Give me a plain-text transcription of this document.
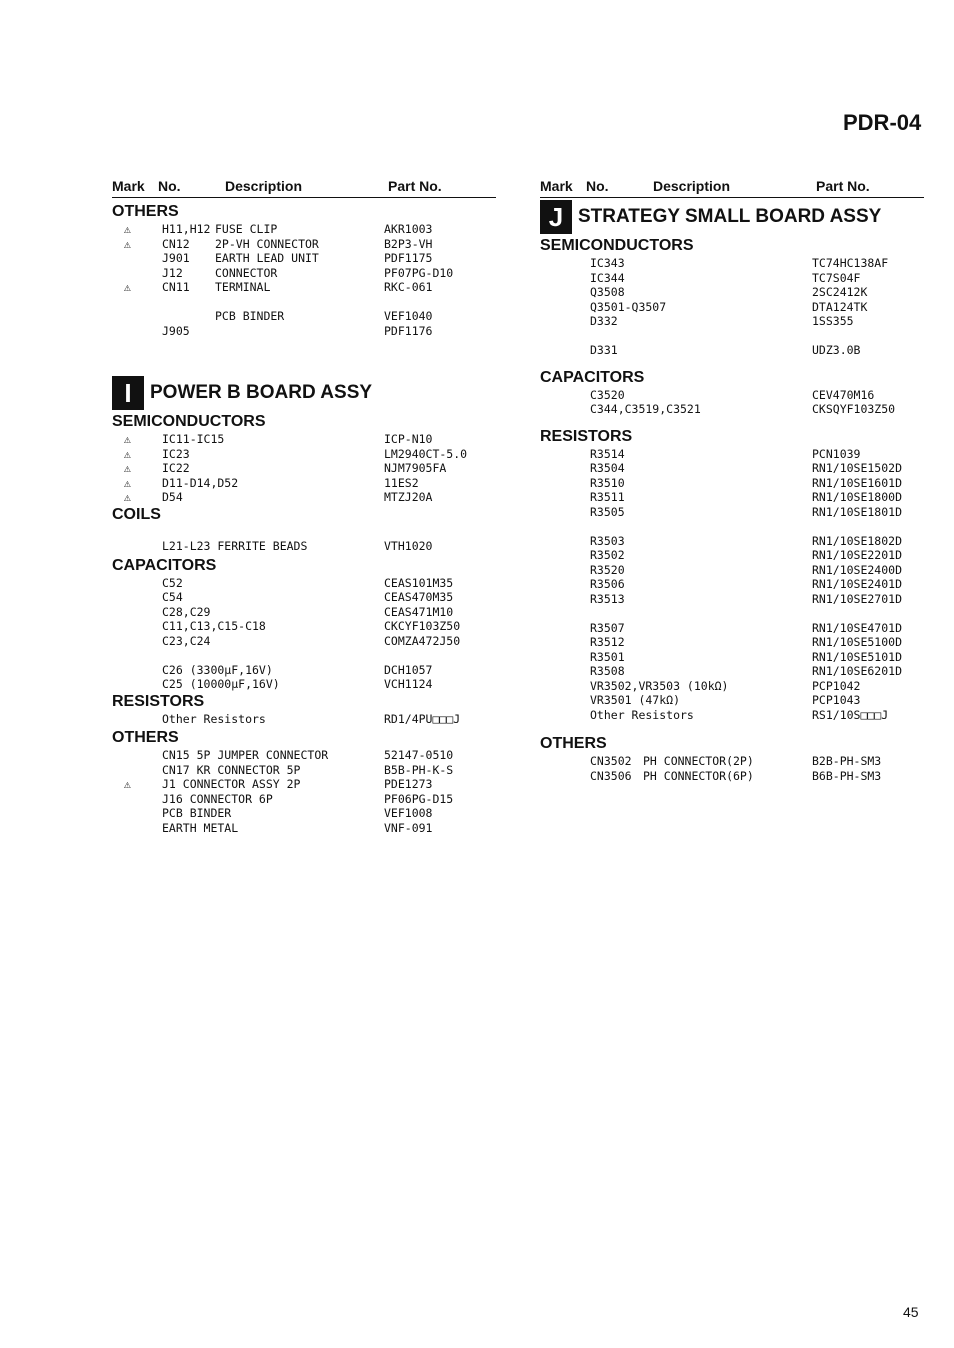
PDR-04
Mark No.	Description	Part No.
OTHERS
⚠	H11,H12 FUSE CLIP	AKR1003
⚠	CN12 2P-VH CONNECTOR	B2P3-VH
J901 EARTH LEAD UNIT	PDF1175
J12	CONNECTOR	PF07PG-D10
⚠	CN11 TERMINAL	RKC-061
PCB BINDER	VEF1040
J905	PDF1176
I POWER B BOARD ASSY
SEMICONDUCTORS
⚠	IC11-IC15	ICP-N10
⚠	IC23	LM2940CT-5.0
⚠	IC22	NJM7905FA
⚠	D11-D14,D52	11ES2
⚠	D54	MTZJ20A
COILS
L21-L23 FERRITE BEADS	VTH1020
CAPACITORS
C52	CEAS101M35
C54	CEAS470M35
C28,C29	CEAS471M10
C11,C13,C15-C18	CKCYF103Z50
C23,C24	COMZA472J50
C26 (3300µF,16V)	DCH1057
C25 (10000µF,16V)	VCH1124
RESISTORS
Other Resistors	RD1/4PU□□□J
OTHERS
CN15 5P JUMPER CONNECTOR	52147-0510
CN17 KR CONNECTOR 5P	B5B-PH-K-S
⚠	J1 CONNECTOR ASSY 2P	PDE1273
J16 CONNECTOR 6P	PF06PG-D15
PCB BINDER	VEF1008
EARTH METAL	VNF-091
Mark No.	Description	Part No.
J STRATEGY SMALL BOARD ASSY
SEMICONDUCTORS
IC343	TC74HC138AF
IC344	TC7S04F
Q3508	2SC2412K
Q3501-Q3507	DTA124TK
D332	1SS355
D331	UDZ3.0B
CAPACITORS
C3520	CEV470M16
C344,C3519,C3521	CKSQYF103Z50
RESISTORS
R3514	PCN1039
R3504	RN1/10SE1502D
R3510	RN1/10SE1601D
R3511	RN1/10SE1800D
R3505	RN1/10SE1801D
R3503	RN1/10SE1802D
R3502	RN1/10SE2201D
R3520	RN1/10SE2400D
R3506	RN1/10SE2401D
R3513	RN1/10SE2701D
R3507	RN1/10SE4701D
R3512	RN1/10SE5100D
R3501	RN1/10SE5101D
R3508	RN1/10SE6201D
VR3502,VR3503 (10kΩ)	PCP1042
VR3501 (47kΩ)	PCP1043
Other Resistors	RS1/10S□□□J
OTHERS
CN3502 PH CONNECTOR(2P)	B2B-PH-SM3
CN3506 PH CONNECTOR(6P)	B6B-PH-SM3
45
